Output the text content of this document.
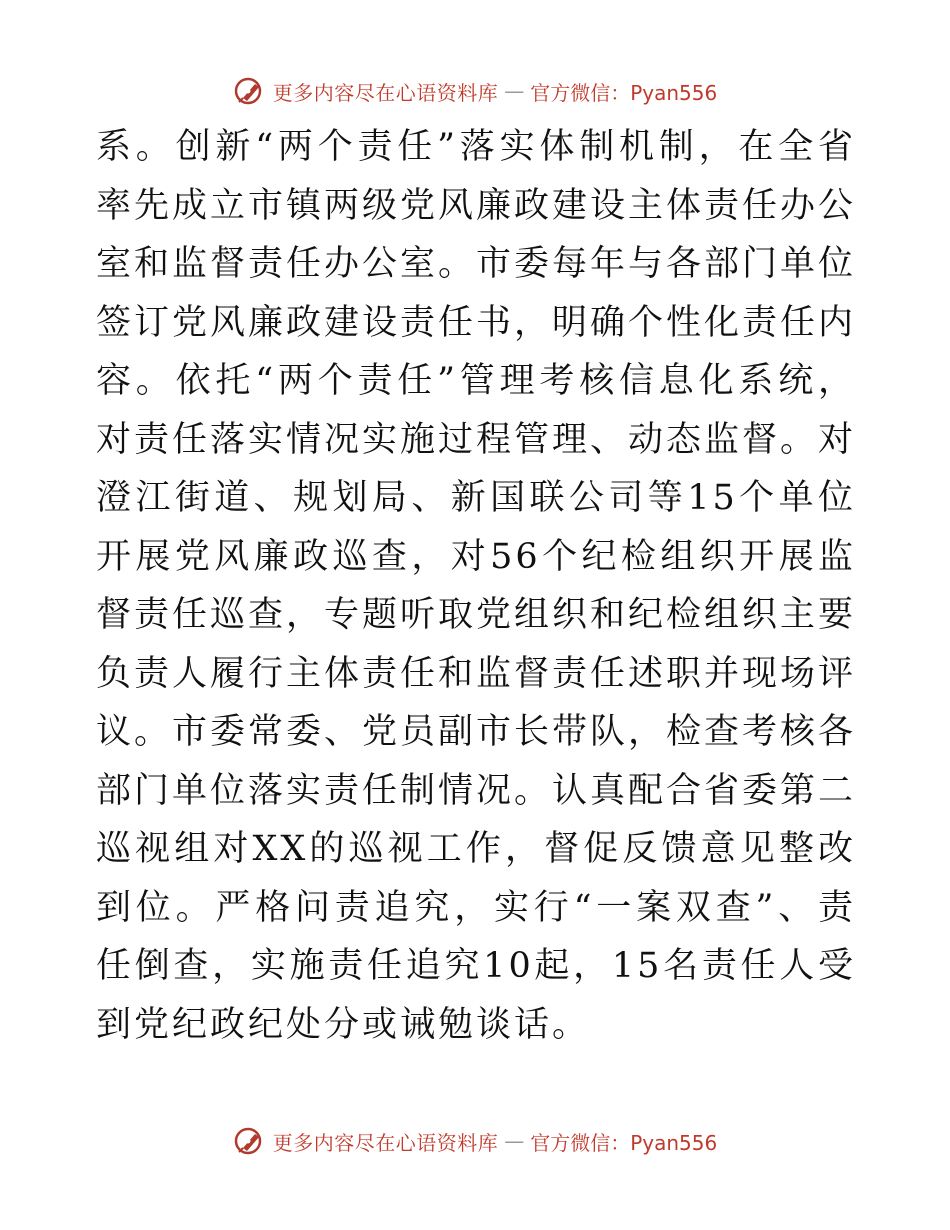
更多内容尽在心语资料库 — 官方微信：Pyan556

系。创新“两个责任”落实体制机制，在全省率先成立市镇两级党风廉政建设主体责任办公室和监督责任办公室。市委每年与各部门单位签订党风廉政建设责任书，明确个性化责任内容。依托“两个责任”管理考核信息化系统，对责任落实情况实施过程管理、动态监督。对澄江街道、规划局、新国联公司等15个单位开展党风廉政巡查，对56个纪检组织开展监督责任巡查，专题听取党组织和纪检组织主要负责人履行主体责任和监督责任述职并现场评议。市委常委、党员副市长带队，检查考核各部门单位落实责任制情况。认真配合省委第二巡视组对XX的巡视工作，督促反馈意见整改到位。严格问责追究，实行“一案双查”、责任倒查，实施责任追究10起，15名责任人受到党纪政纪处分或诫勉谈话。

更多内容尽在心语资料库 — 官方微信：Pyan556
